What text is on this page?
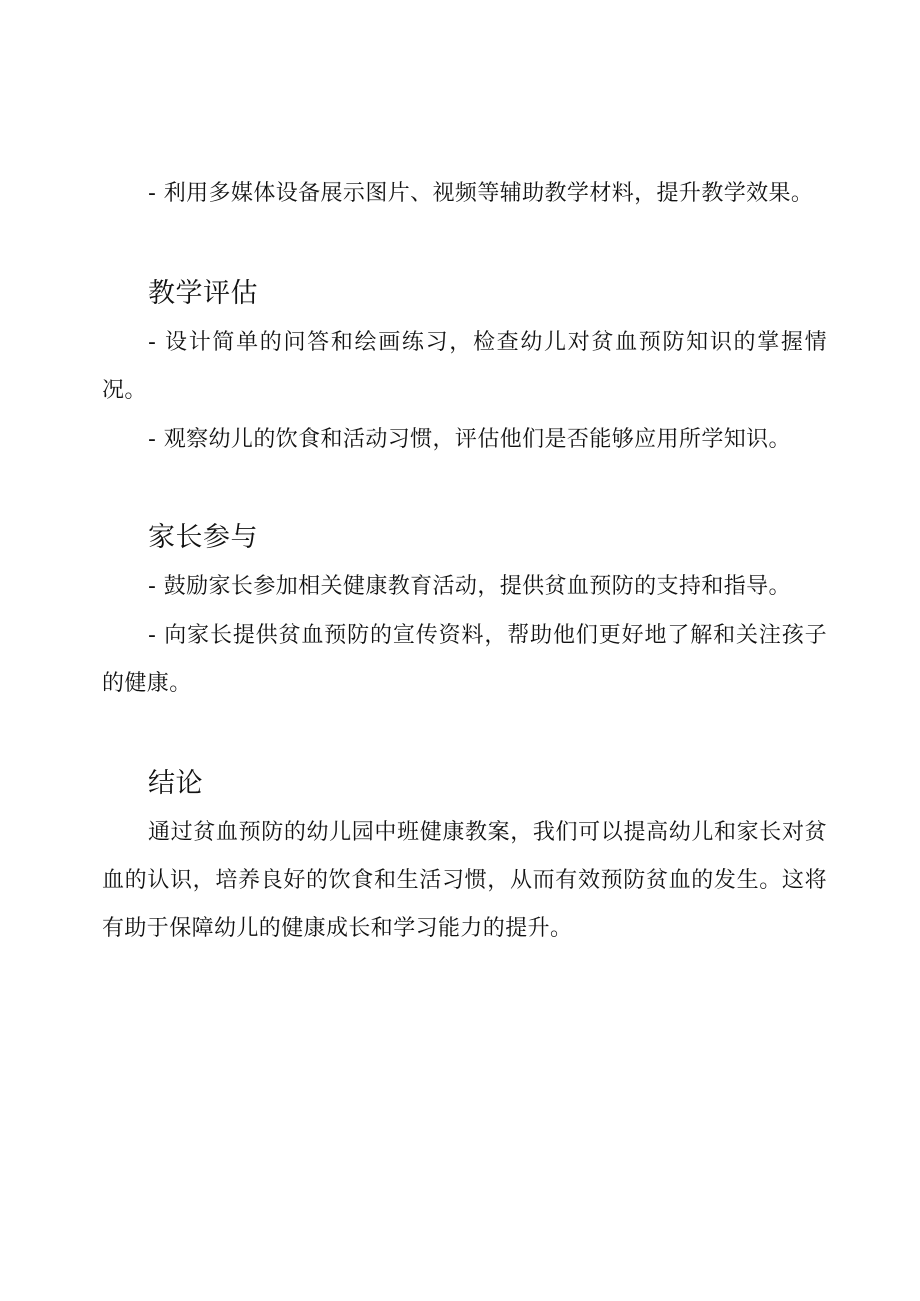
- 利用多媒体设备展示图片、视频等辅助教学材料，提升教学效果。

教学评估

- 设计简单的问答和绘画练习，检查幼儿对贫血预防知识的掌握情况。

- 观察幼儿的饮食和活动习惯，评估他们是否能够应用所学知识。

家长参与

- 鼓励家长参加相关健康教育活动，提供贫血预防的支持和指导。

- 向家长提供贫血预防的宣传资料，帮助他们更好地了解和关注孩子的健康。

结论

通过贫血预防的幼儿园中班健康教案，我们可以提高幼儿和家长对贫血的认识，培养良好的饮食和生活习惯，从而有效预防贫血的发生。这将有助于保障幼儿的健康成长和学习能力的提升。
